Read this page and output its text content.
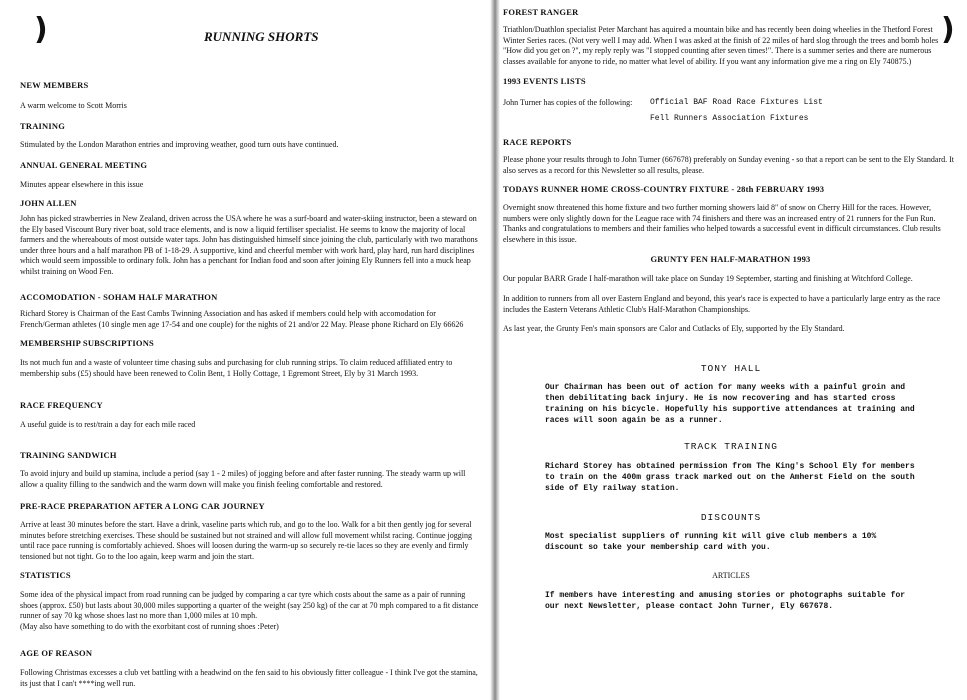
)	RUNNING SHORTS
NEW MEMBERS
A warm welcome to Scott Morris
TRAINING
Stimulated by the London Marathon entries and improving weather, good turn outs have continued.
ANNUAL GENERAL MEETING
Minutes appear elsewhere in this issue
JOHN ALLEN
John has picked strawberries in New Zealand, driven across the USA where he was a surf-board and water-skiing instructor, been a steward on the Ely based Viscount Bury river boat, sold trace elements, and is now a liquid fertiliser specialist. He seems to know the majority of local farmers and the whereabouts of most outside water taps. John has distinguished himself since joining the club, particularly with two marathons under three hours and a half marathon PB of 1-18-29. A supportive, kind and cheerful member with work hard, play hard, run hard disciplines which would seem impossible to ordinary folk. John has a penchant for Indian food and soon after joining Ely Runners fell into a muck heap whilst training on Wood Fen.
ACCOMODATION - SOHAM HALF MARATHON
Richard Storey is Chairman of the East Cambs Twinning Association and has asked if members could help with accomodation for French/German athletes (10 single men age 17-54 and one couple) for the nights of 21 and/or 22 May. Please phone Richard on Ely 66626
MEMBERSHIP SUBSCRIPTIONS
Its not much fun and a waste of volunteer time chasing subs and purchasing for club running strips. To claim reduced affiliated entry to membership subs (£5) should have been renewed to Colin Bent, 1 Holly Cottage, 1 Egremont Street, Ely by 31 March 1993.
RACE FREQUENCY
A useful guide is to rest/train a day for each mile raced
TRAINING SANDWICH
To avoid injury and build up stamina, include a period (say 1 - 2 miles) of jogging before and after faster running. The steady warm up will allow a quality filling to the sandwich and the warm down will make you finish feeling comfortable and restored.
PRE-RACE PREPARATION AFTER A LONG CAR JOURNEY
Arrive at least 30 minutes before the start. Have a drink, vaseline parts which rub, and go to the loo. Walk for a bit then gently jog for several minutes before stretching exercises. These should be sustained but not strained and will allow full movement whilst racing. Continue jogging until race pace running is comfortably achieved. Shoes will loosen during the warm-up so securely re-tie laces so they are evenly and firmly tensioned but not tight. Go to the loo again, keep warm and join the start.
STATISTICS
Some idea of the physical impact from road running can be judged by comparing a car tyre which costs about the same as a pair of running shoes (approx. £50) but lasts about 30,000 miles supporting a quarter of the weight (say 250 kg) of the car at 70 mph compared to a fit distance runner of say 70 kg whose shoes last no more than 1,000 miles at 10 mph.
(May also have something to do with the exorbitant cost of running shoes :Peter)
AGE OF REASON
Following Christmas excesses a club vet battling with a headwind on the fen said to his obviously fitter colleague - I think I've got the stamina, its just that I can't ****ing well run.
)
FOREST RANGER
Triathlon/Duathlon specialist Peter Marchant has aquired a mountain bike and has recently been doing wheelies in the Thetford Forest Winter Series races. (Not very well I may add. When I was asked at the finish of 22 miles of hard slog through the trees and bomb holes "How did you get on ?", my reply reply was "I stopped counting after seven times!". There is a summer series and there are numerous classes available for anyone to ride, no matter what level of ability. If you want any information give me a ring on Ely 740875.)
1993 EVENTS LISTS
John Turner has copies of the following: Official BAF Road Race Fixtures List
Fell Runners Association Fixtures
RACE REPORTS
Please phone your results through to John Turner (667678) preferably on Sunday evening - so that a report can be sent to the Ely Standard. It also serves as a record for this Newsletter so all results, please.
TODAYS RUNNER HOME CROSS-COUNTRY FIXTURE - 28th FEBRUARY 1993
Overnight snow threatened this home fixture and two further morning showers laid 8" of snow on Cherry Hill for the races. However, numbers were only slightly down for the League race with 74 finishers and there was an increased entry of 21 runners for the Fun Run. Thanks and congratulations to members and their families who helped towards a successful event in difficult circumstances. Club results elsewhere in this issue.
GRUNTY FEN HALF-MARATHON 1993
Our popular BARR Grade I half-marathon will take place on Sunday 19 September, starting and finishing at Witchford College.
In addition to runners from all over Eastern England and beyond, this year's race is expected to have a particularly large entry as the race includes the Eastern Veterans Athletic Club's Half-Marathon Championships.
As last year, the Grunty Fen's main sponsors are Calor and Cutlacks of Ely, supported by the Ely Standard.
TONY HALL
Our Chairman has been out of action for many weeks with a painful groin and then debilitating back injury. He is now recovering and has started cross training on his bicycle. Hopefully his supportive attendances at training and races will soon again be as a runner.
TRACK TRAINING
Richard Storey has obtained permission from The King's School Ely for members to train on the 400m grass track marked out on the Amherst Field on the south side of Ely railway station.
DISCOUNTS
Most specialist suppliers of running kit will give club members a 10% discount so take your membership card with you.
ARTICLES
If members have interesting and amusing stories or photographs suitable for our next Newsletter, please contact John Turner, Ely 667678.
